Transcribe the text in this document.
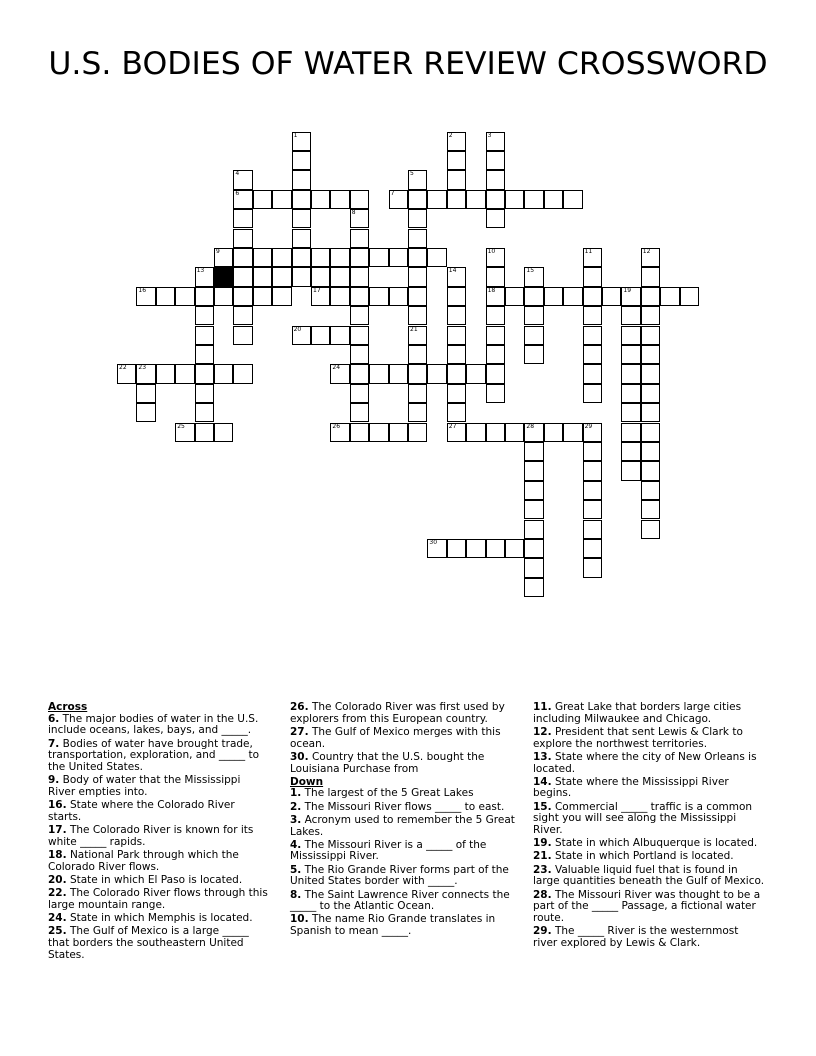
U.S. BODIES OF WATER REVIEW CROSSWORD
1	2	3
4
6
5
21
7
8
9	10
18
11	12
13	14
27
15
16	17	19
20
22 23	24
25	26	28	29
30
Across
6. The major bodies of water in the U.S. include oceans, lakes, bays, and _____.
7. Bodies of water have brought trade, transportation, exploration, and _____ to the United States.
9. Body of water that the Mississippi River empties into.
16. State where the Colorado River starts.
17. The Colorado River is known for its white _____ rapids.
18. National Park through which the Colorado River flows.
20. State in which El Paso is located.
22. The Colorado River flows through this large mountain range.
24. State in which Memphis is located.
25. The Gulf of Mexico is a large _____ that borders the southeastern United States.
26. The Colorado River was first used by explorers from this European country.
27. The Gulf of Mexico merges with this ocean.
30. Country that the U.S. bought the Louisiana Purchase from
Down
1. The largest of the 5 Great Lakes
2. The Missouri River flows _____ to east.
3. Acronym used to remember the 5 Great Lakes.
4. The Missouri River is a _____ of the Mississippi River.
5. The Rio Grande River forms part of the United States border with _____.
8. The Saint Lawrence River connects the _____ to the Atlantic Ocean.
10. The name Rio Grande translates in Spanish to mean _____.
11. Great Lake that borders large cities including Milwaukee and Chicago.
12. President that sent Lewis & Clark to explore the northwest territories.
13. State where the city of New Orleans is located.
14. State where the Mississippi River begins.
15. Commercial _____ traffic is a common sight you will see along the Mississippi River.
19. State in which Albuquerque is located.
21. State in which Portland is located.
23. Valuable liquid fuel that is found in large quantities beneath the Gulf of Mexico.
28. The Missouri River was thought to be a part of the _____ Passage, a fictional water route.
29. The _____ River is the westernmost river explored by Lewis & Clark.
